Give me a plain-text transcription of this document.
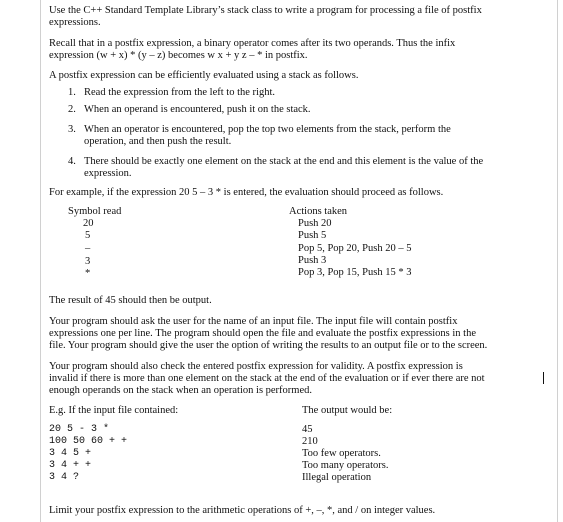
Use the C++ Standard Template Library’s stack class to write a program for processing a file of postfix
expressions.
Recall that in a postfix expression, a binary operator comes after its two operands. Thus the infix
expression (w + x) * (y – z) becomes w x + y z – * in postfix.
A postfix expression can be efficiently evaluated using a stack as follows.
1. Read the expression from the left to the right.
2. When an operand is encountered, push it on the stack.
3. When an operator is encountered, pop the top two elements from the stack, perform the
operation, and then push the result.
4. There should be exactly one element on the stack at the end and this element is the value of the
expression.
For example, if the expression 20 5 – 3 * is entered, the evaluation should proceed as follows.
Symbol read	Actions taken
20
5
–
3
*
Push 20
Push 5
Pop 5, Pop 20, Push 20 – 5
Push 3
Pop 3, Pop 15, Push 15 * 3
The result of 45 should then be output.
Your program should ask the user for the name of an input file. The input file will contain postfix
expressions one per line. The program should open the file and evaluate the postfix expressions in the
file. Your program should give the user the option of writing the results to an output file or to the screen.
Your program should also check the entered postfix expression for validity. A postfix expression is
invalid if there is more than one element on the stack at the end of the evaluation or if ever there are not
enough operands on the stack when an operation is performed.
E.g. If the input file contained:	The output would be:
20 5 - 3 *
100 50 60 + +
3 4 5 +
3 4 + +
3 4 ?
45
210
Too few operators.
Too many operators.
Illegal operation
Limit your postfix expression to the arithmetic operations of +, –, *, and / on integer values.
